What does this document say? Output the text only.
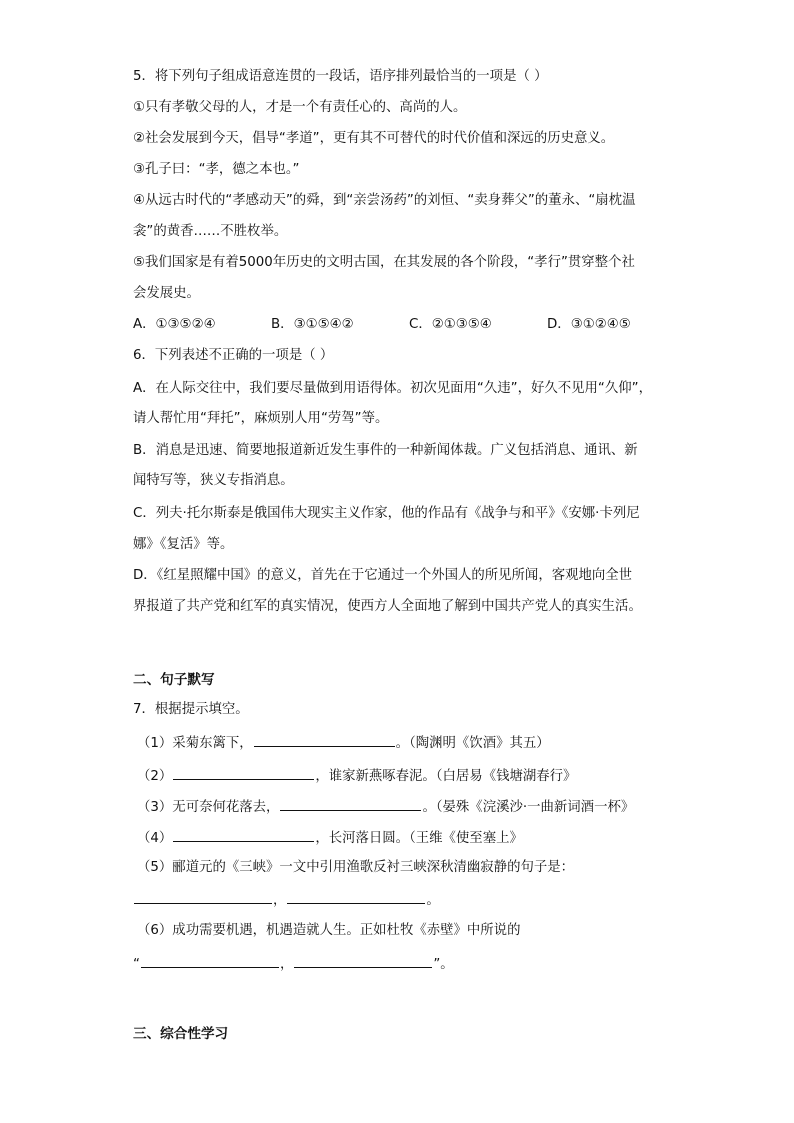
5．将下列句子组成语意连贯的一段话，语序排列最恰当的一项是（ ）
①只有孝敬父母的人，才是一个有责任心的、高尚的人。
②社会发展到今天，倡导“孝道”，更有其不可替代的时代价值和深远的历史意义。
③孔子曰：“孝，德之本也。”
④从远古时代的“孝感动天”的舜，到“亲尝汤药”的刘恒、“卖身葬父”的董永、“扇枕温
衾”的黄香……不胜枚举。
⑤我们国家是有着5000年历史的文明古国，在其发展的各个阶段，“孝行”贯穿整个社
会发展史。
A．①③⑤②④	B．③①⑤④②	C．②①③⑤④	D．③①②④⑤
6．下列表述不正确的一项是（ ）
A．在人际交往中，我们要尽量做到用语得体。初次见面用“久违”，好久不见用“久仰”，
请人帮忙用“拜托”，麻烦别人用“劳驾”等。
B．消息是迅速、简要地报道新近发生事件的一种新闻体裁。广义包括消息、通讯、新
闻特写等，狭义专指消息。
C．列夫·托尔斯泰是俄国伟大现实主义作家，他的作品有《战争与和平》《安娜·卡列尼
娜》《复活》等。
D．《红星照耀中国》的意义，首先在于它通过一个外国人的所见所闻，客观地向全世
界报道了共产党和红军的真实情况，使西方人全面地了解到中国共产党人的真实生活。
二、句子默写
7．根据提示填空。
（1）采菊东篱下，	。（陶渊明《饮酒》其五）
（2）	，谁家新燕啄春泥。（白居易《钱塘湖春行》
（3）无可奈何花落去，	。（晏殊《浣溪沙·一曲新词酒一杯》
（4）	，长河落日圆。（王维《使至塞上》
（5）郦道元的《三峡》一文中引用渔歌反衬三峡深秋清幽寂静的句子是：
，	。
（6）成功需要机遇，机遇造就人生。正如杜牧《赤壁》中所说的
“	，	”。
三、综合性学习
